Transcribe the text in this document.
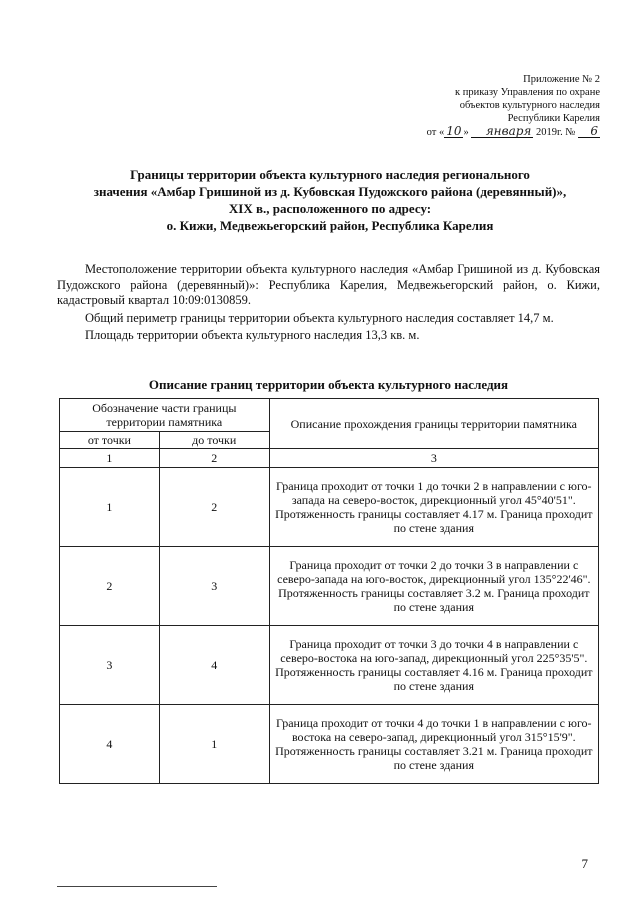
Приложение № 2
к приказу Управления по охране
объектов культурного наследия
Республики Карелия
от « 10 » января 2019г. № 6
Границы территории объекта культурного наследия регионального
значения «Амбар Гришиной из д. Кубовская Пудожского района (деревянный)»,
XIX в., расположенного по адресу:
о. Кижи, Медвежьегорский район, Республика Карелия

Местоположение территории объекта культурного наследия «Амбар Гришиной из д. Кубовская Пудожского района (деревянный)»: Республика Карелия, Медвежьегорский район, о. Кижи, кадастровый квартал 10:09:0130859.

Общий периметр границы территории объекта культурного наследия составляет 14,7 м.

Площадь территории объекта культурного наследия 13,3 кв. м.

Описание границ территории объекта культурного наследия
Обозначение части границы территории памятника		Описание прохождения границы территории памятника
от точки	до точки	
1	2	3
1	2	Граница проходит от точки 1 до точки 2 в направлении с юго-запада на северо-восток, дирекционный угол 45°40'51". Протяженность границы составляет 4.17 м. Граница проходит по стене здания
2	3	Граница проходит от точки 2 до точки 3 в направлении с северо-запада на юго-восток, дирекционный угол 135°22'46". Протяженность границы составляет 3.2 м. Граница проходит по стене здания
3	4	Граница проходит от точки 3 до точки 4 в направлении с северо-востока на юго-запад, дирекционный угол 225°35'5". Протяженность границы составляет 4.16 м. Граница проходит по стене здания
4	1	Граница проходит от точки 4 до точки 1 в направлении с юго-востока на северо-запад, дирекционный угол 315°15'9". Протяженность границы составляет 3.21 м. Граница проходит по стене здания
7
